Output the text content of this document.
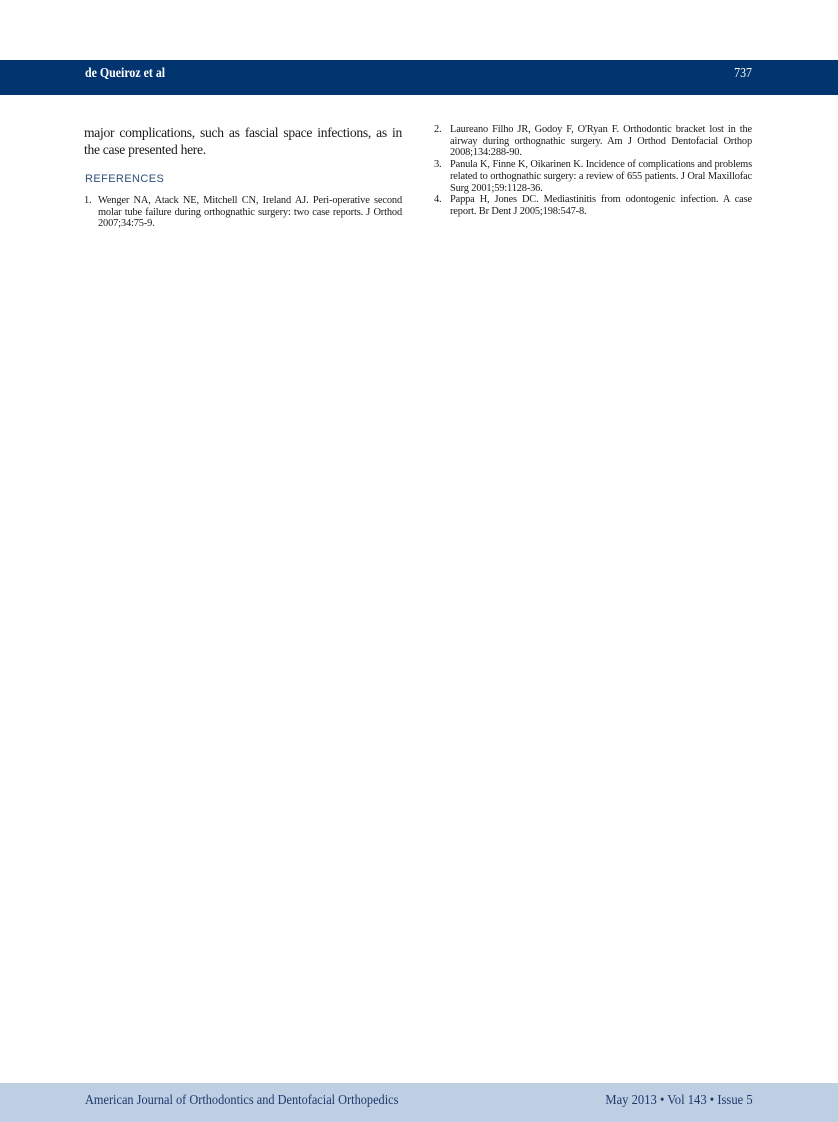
de Queiroz et al	737

major complications, such as fascial space infections, as in the case presented here.

REFERENCES
1. Wenger NA, Atack NE, Mitchell CN, Ireland AJ. Peri-operative second molar tube failure during orthognathic surgery: two case reports. J Orthod 2007;34:75-9.
2. Laureano Filho JR, Godoy F, O'Ryan F. Orthodontic bracket lost in the airway during orthognathic surgery. Am J Orthod Dentofacial Orthop 2008;134:288-90.
3. Panula K, Finne K, Oikarinen K. Incidence of complications and problems related to orthognathic surgery: a review of 655 patients. J Oral Maxillofac Surg 2001;59:1128-36.
4. Pappa H, Jones DC. Mediastinitis from odontogenic infection. A case report. Br Dent J 2005;198:547-8.
American Journal of Orthodontics and Dentofacial Orthopedics	May 2013 • Vol 143 • Issue 5
